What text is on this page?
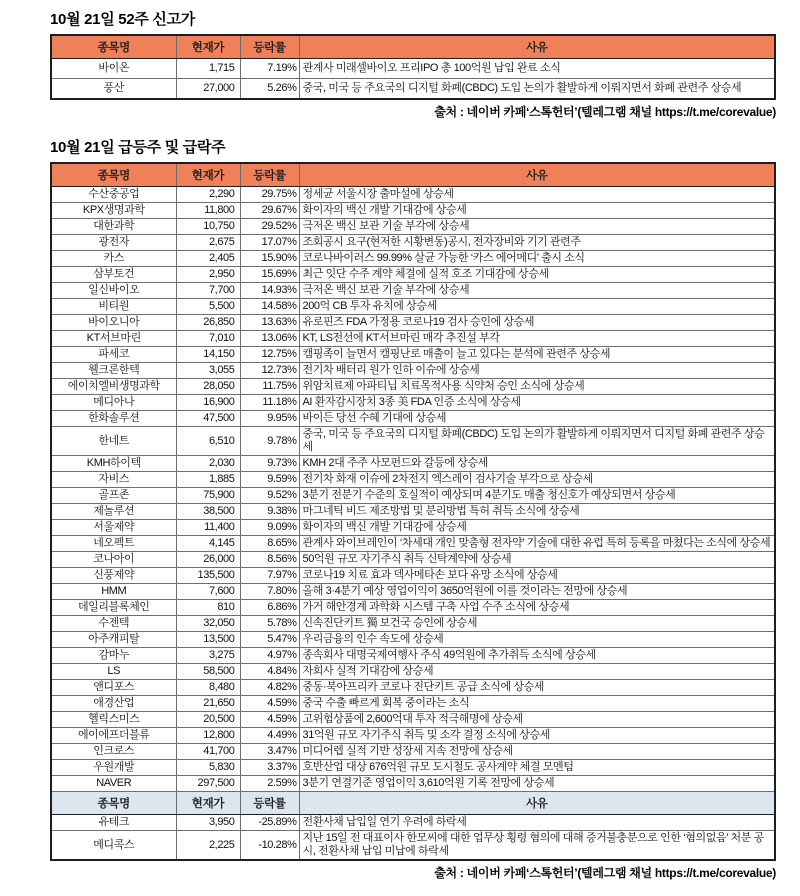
10월 21일 52주 신고가
종목명	현재가	등락률	사유
바이온	1,715	7.19%	관계사 미래셀바이오 프리IPO 총 100억원 납입 완료 소식
풍산	27,000	5.26%	중국, 미국 등 주요국의 디지털 화폐(CBDC) 도입 논의가 활발하게 이뤄지면서 화폐 관련주 상승세
출처 : 네이버 카페‘스톡헌터’(텔레그램 채널 https://t.me/corevalue)
10월 21일 급등주 및 급락주
종목명	현재가	등락률	사유
수산중공업	2,290	29.75%	정세균 서울시장 출마설에 상승세
KPX생명과학	11,800	29.67%	화이자의 백신 개발 기대감에 상승세
대한과학	10,750	29.52%	극저온 백신 보관 기술 부각에 상승세
광전자	2,675	17.07%	조회공시 요구(현저한 시황변동)공시, 전자장비와 기기 관련주
카스	2,405	15.90%	코로나바이러스 99.99% 살균 가능한 ‘카스 에어메디’ 출시 소식
삼부토건	2,950	15.69%	최근 잇단 수주 계약 체결에 실적 호조 기대감에 상승세
일신바이오	7,700	14.93%	극저온 백신 보관 기술 부각에 상승세
비티원	5,500	14.58%	200억 CB 투자 유치에 상승세
바이오니아	26,850	13.63%	유로핀즈 FDA 가정용 코로나19 검사 승인에 상승세
KT서브마린	7,010	13.06%	KT, LS전선에 KT서브마린 매각 추진설 부각
파세코	14,150	12.75%	캠핑족이 늘면서 캠핑난로 매출이 늘고 있다는 분석에 관련주 상승세
웰크론한텍	3,055	12.73%	전기차 배터리 원가 인하 이슈에 상승세
에이치엘비생명과학	28,050	11.75%	위암치료제 아파티닙 치료목적사용 식약처 승인 소식에 상승세
메디아나	16,900	11.18%	AI 환자감시장치 3종 美 FDA 인증 소식에 상승세
한화솔루션	47,500	9.95%	바이든 당선 수혜 기대에 상승세
한네트	6,510	9.78%	중국, 미국 등 주요국의 디지털 화폐(CBDC) 도입 논의가 활발하게 이뤄지면서 디지털 화폐 관련주 상승세
KMH하이텍	2,030	9.73%	KMH 2대 주주 사모펀드와 갈등에 상승세
자비스	1,885	9.59%	전기차 화재 이슈에 2차전지 엑스레이 검사기술 부각으로 상승세
골프존	75,900	9.52%	3분기 전분기 수준의 호실적이 예상되며 4분기도 매출 청신호가 예상되면서 상승세
제놀루션	38,500	9.38%	마그네틱 비드 제조방법 및 분리방법 특허 취득 소식에 상승세
서울제약	11,400	9.09%	화이자의 백신 개발 기대감에 상승세
네오펙트	4,145	8.65%	관계사 와이브레인이 ‘차세대 개인 맞춤형 전자약’ 기술에 대한 유럽 특허 등록을 마쳤다는 소식에 상승세
코나아이	26,000	8.56%	50억원 규모 자기주식 취득 신탁계약에 상승세
신풍제약	135,500	7.97%	코로나19 치료 효과 덱사메타손 보다 유망 소식에 상승세
HMM	7,600	7.80%	올해 3·4분기 예상 영업이익이 3650억원에 이를 것이라는 전망에 상승세
데일리블록체인	810	6.86%	가거 해안경계 과학화 시스템 구축 사업 수주 소식에 상승세
수젠텍	32,050	5.78%	신속진단키트 獨 보건국 승인에 상승세
아주캐피탈	13,500	5.47%	우리금융의 인수 속도에 상승세
감마누	3,275	4.97%	종속회사 대명국제여행사 주식 49억원에 추가취득 소식에 상승세
LS	58,500	4.84%	자회사 실적 기대감에 상승세
앤디포스	8,480	4.82%	중동·북아프리카 코로나 진단키트 공급 소식에 상승세
애경산업	21,650	4.59%	중국 수출 빠르게 회복 중이라는 소식
헬릭스미스	20,500	4.59%	고위험상품에 2,600억대 투자 적극해명에 상승세
에이에프더블류	12,800	4.49%	31억원 규모 자기주식 취득 및 소각 결정 소식에 상승세
인크로스	41,700	3.47%	미디어렙 실적 기반 성장세 지속 전망에 상승세
우원개발	5,830	3.37%	호반산업 대상 676억원 규모 도시철도 공사계약 체결 모멘텀
NAVER	297,500	2.59%	3분기 연결기준 영업이익 3,610억원 기록 전망에 상승세
종목명	현재가	등락률	사유
유테크	3,950	-25.89%	전환사채 납입일 연기 우려에 하락세
메디콕스	2,225	-10.28%	지난 15일 전 대표이사 한모씨에 대한 업무상 횡령 혐의에 대해 증거불충분으로 인한 ‘혐의없음’ 처분 공시, 전환사채 납입 미납에 하락세
출처 : 네이버 카페‘스톡헌터’(텔레그램 채널 https://t.me/corevalue)
